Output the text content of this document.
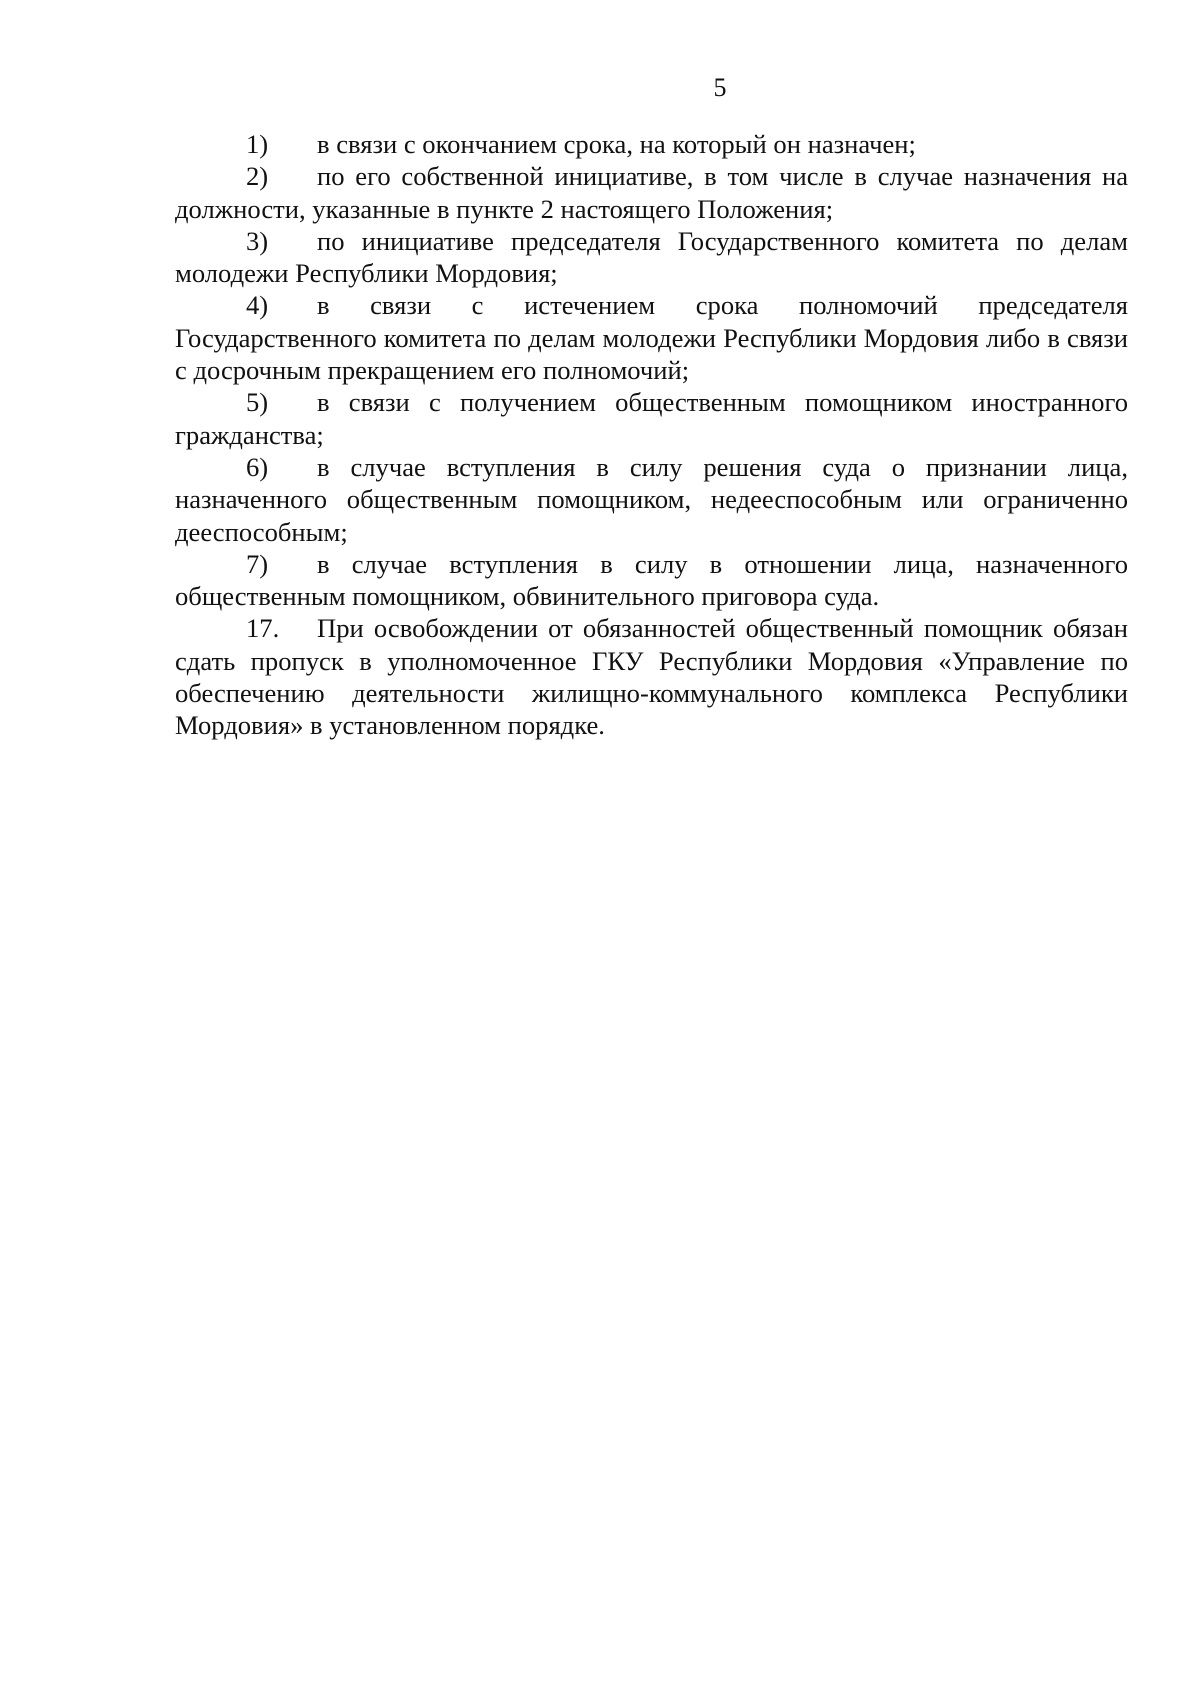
5

1) в связи с окончанием срока, на который он назначен;

2) по его собственной инициативе, в том числе в случае назначения на должности, указанные в пункте 2 настоящего Положения;

3) по инициативе председателя Государственного комитета по делам молодежи Республики Мордовия;

4) в связи с истечением срока полномочий председателя Государственного комитета по делам молодежи Республики Мордовия либо в связи с досрочным прекращением его полномочий;

5) в связи с получением общественным помощником иностранного гражданства;

6) в случае вступления в силу решения суда о признании лица, назначенного общественным помощником, недееспособным или ограниченно дееспособным;

7) в случае вступления в силу в отношении лица, назначенного общественным помощником, обвинительного приговора суда.

17. При освобождении от обязанностей общественный помощник обязан сдать пропуск в уполномоченное ГКУ Республики Мордовия «Управление по обеспечению деятельности жилищно-коммунального комплекса Республики Мордовия» в установленном порядке.
